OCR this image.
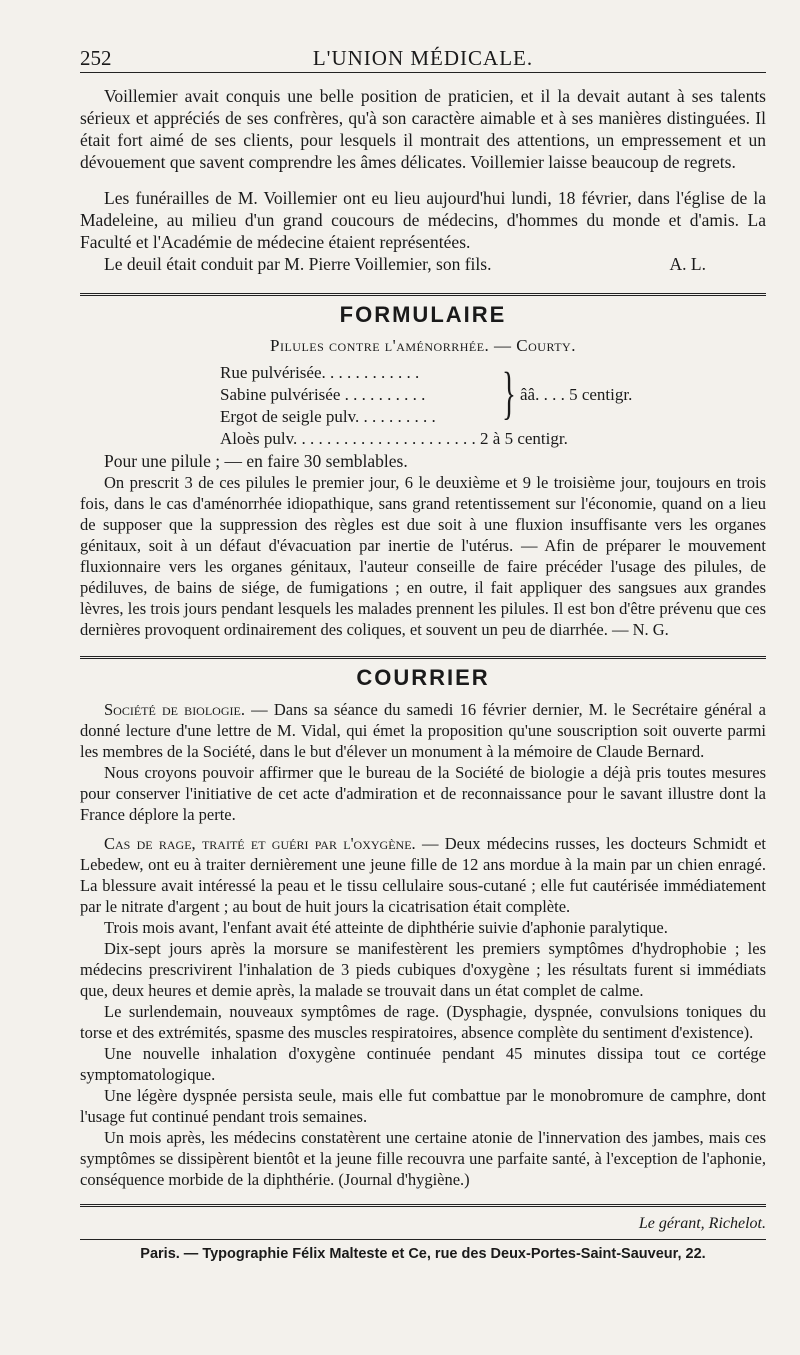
252	L'UNION MÉDICALE.

Voillemier avait conquis une belle position de praticien, et il la devait autant à ses talents sérieux et appréciés de ses confrères, qu'à son caractère aimable et à ses manières distinguées. Il était fort aimé de ses clients, pour lesquels il montrait des attentions, un empressement et un dévouement que savent comprendre les âmes délicates. Voillemier laisse beaucoup de regrets.

Les funérailles de M. Voillemier ont eu lieu aujourd'hui lundi, 18 février, dans l'église de la Madeleine, au milieu d'un grand coucours de médecins, d'hommes du monde et d'amis. La Faculté et l'Académie de médecine étaient représentées.

Le deuil était conduit par M. Pierre Voillemier, son fils.	A. L.

FORMULAIRE
Pilules contre l'aménorrhée. — Courty.
Rue pulvérisée. . . . . . . . . . . .
Sabine pulvérisée . . . . . . . . . .
Ergot de seigle pulv. . . . . . . . . .	} ââ. . . . 5 centigr.
Aloès pulv. . . . . . . . . . . . . . . . . . . . . . 2 à 5 centigr.

Pour une pilule ; — en faire 30 semblables.

On prescrit 3 de ces pilules le premier jour, 6 le deuxième et 9 le troisième jour, toujours en trois fois, dans le cas d'aménorrhée idiopathique, sans grand retentissement sur l'économie, quand on a lieu de supposer que la suppression des règles est due soit à une fluxion insuffisante vers les organes génitaux, soit à un défaut d'évacuation par inertie de l'utérus. — Afin de préparer le mouvement fluxionnaire vers les organes génitaux, l'auteur conseille de faire précéder l'usage des pilules, de pédiluves, de bains de siége, de fumigations ; en outre, il fait appliquer des sangsues aux grandes lèvres, les trois jours pendant lesquels les malades prennent les pilules. Il est bon d'être prévenu que ces dernières provoquent ordinairement des coliques, et souvent un peu de diarrhée. — N. G.

COURRIER

Société de biologie. — Dans sa séance du samedi 16 février dernier, M. le Secrétaire général a donné lecture d'une lettre de M. Vidal, qui émet la proposition qu'une souscription soit ouverte parmi les membres de la Société, dans le but d'élever un monument à la mémoire de Claude Bernard.

Nous croyons pouvoir affirmer que le bureau de la Société de biologie a déjà pris toutes mesures pour conserver l'initiative de cet acte d'admiration et de reconnaissance pour le savant illustre dont la France déplore la perte.

Cas de rage, traité et guéri par l'oxygène. — Deux médecins russes, les docteurs Schmidt et Lebedew, ont eu à traiter dernièrement une jeune fille de 12 ans mordue à la main par un chien enragé. La blessure avait intéressé la peau et le tissu cellulaire sous-cutané ; elle fut cautérisée immédiatement par le nitrate d'argent ; au bout de huit jours la cicatrisation était complète.

Trois mois avant, l'enfant avait été atteinte de diphthérie suivie d'aphonie paralytique.

Dix-sept jours après la morsure se manifestèrent les premiers symptômes d'hydrophobie ; les médecins prescrivirent l'inhalation de 3 pieds cubiques d'oxygène ; les résultats furent si immédiats que, deux heures et demie après, la malade se trouvait dans un état complet de calme.

Le surlendemain, nouveaux symptômes de rage. (Dysphagie, dyspnée, convulsions toniques du torse et des extrémités, spasme des muscles respiratoires, absence complète du sentiment d'existence).

Une nouvelle inhalation d'oxygène continuée pendant 45 minutes dissipa tout ce cortége symptomatologique.

Une légère dyspnée persista seule, mais elle fut combattue par le monobromure de camphre, dont l'usage fut continué pendant trois semaines.

Un mois après, les médecins constatèrent une certaine atonie de l'innervation des jambes, mais ces symptômes se dissipèrent bientôt et la jeune fille recouvra une parfaite santé, à l'exception de l'aphonie, conséquence morbide de la diphthérie. (Journal d'hygiène.)

Le gérant, Richelot.
Paris. — Typographie Félix Malteste et Ce, rue des Deux-Portes-Saint-Sauveur, 22.
